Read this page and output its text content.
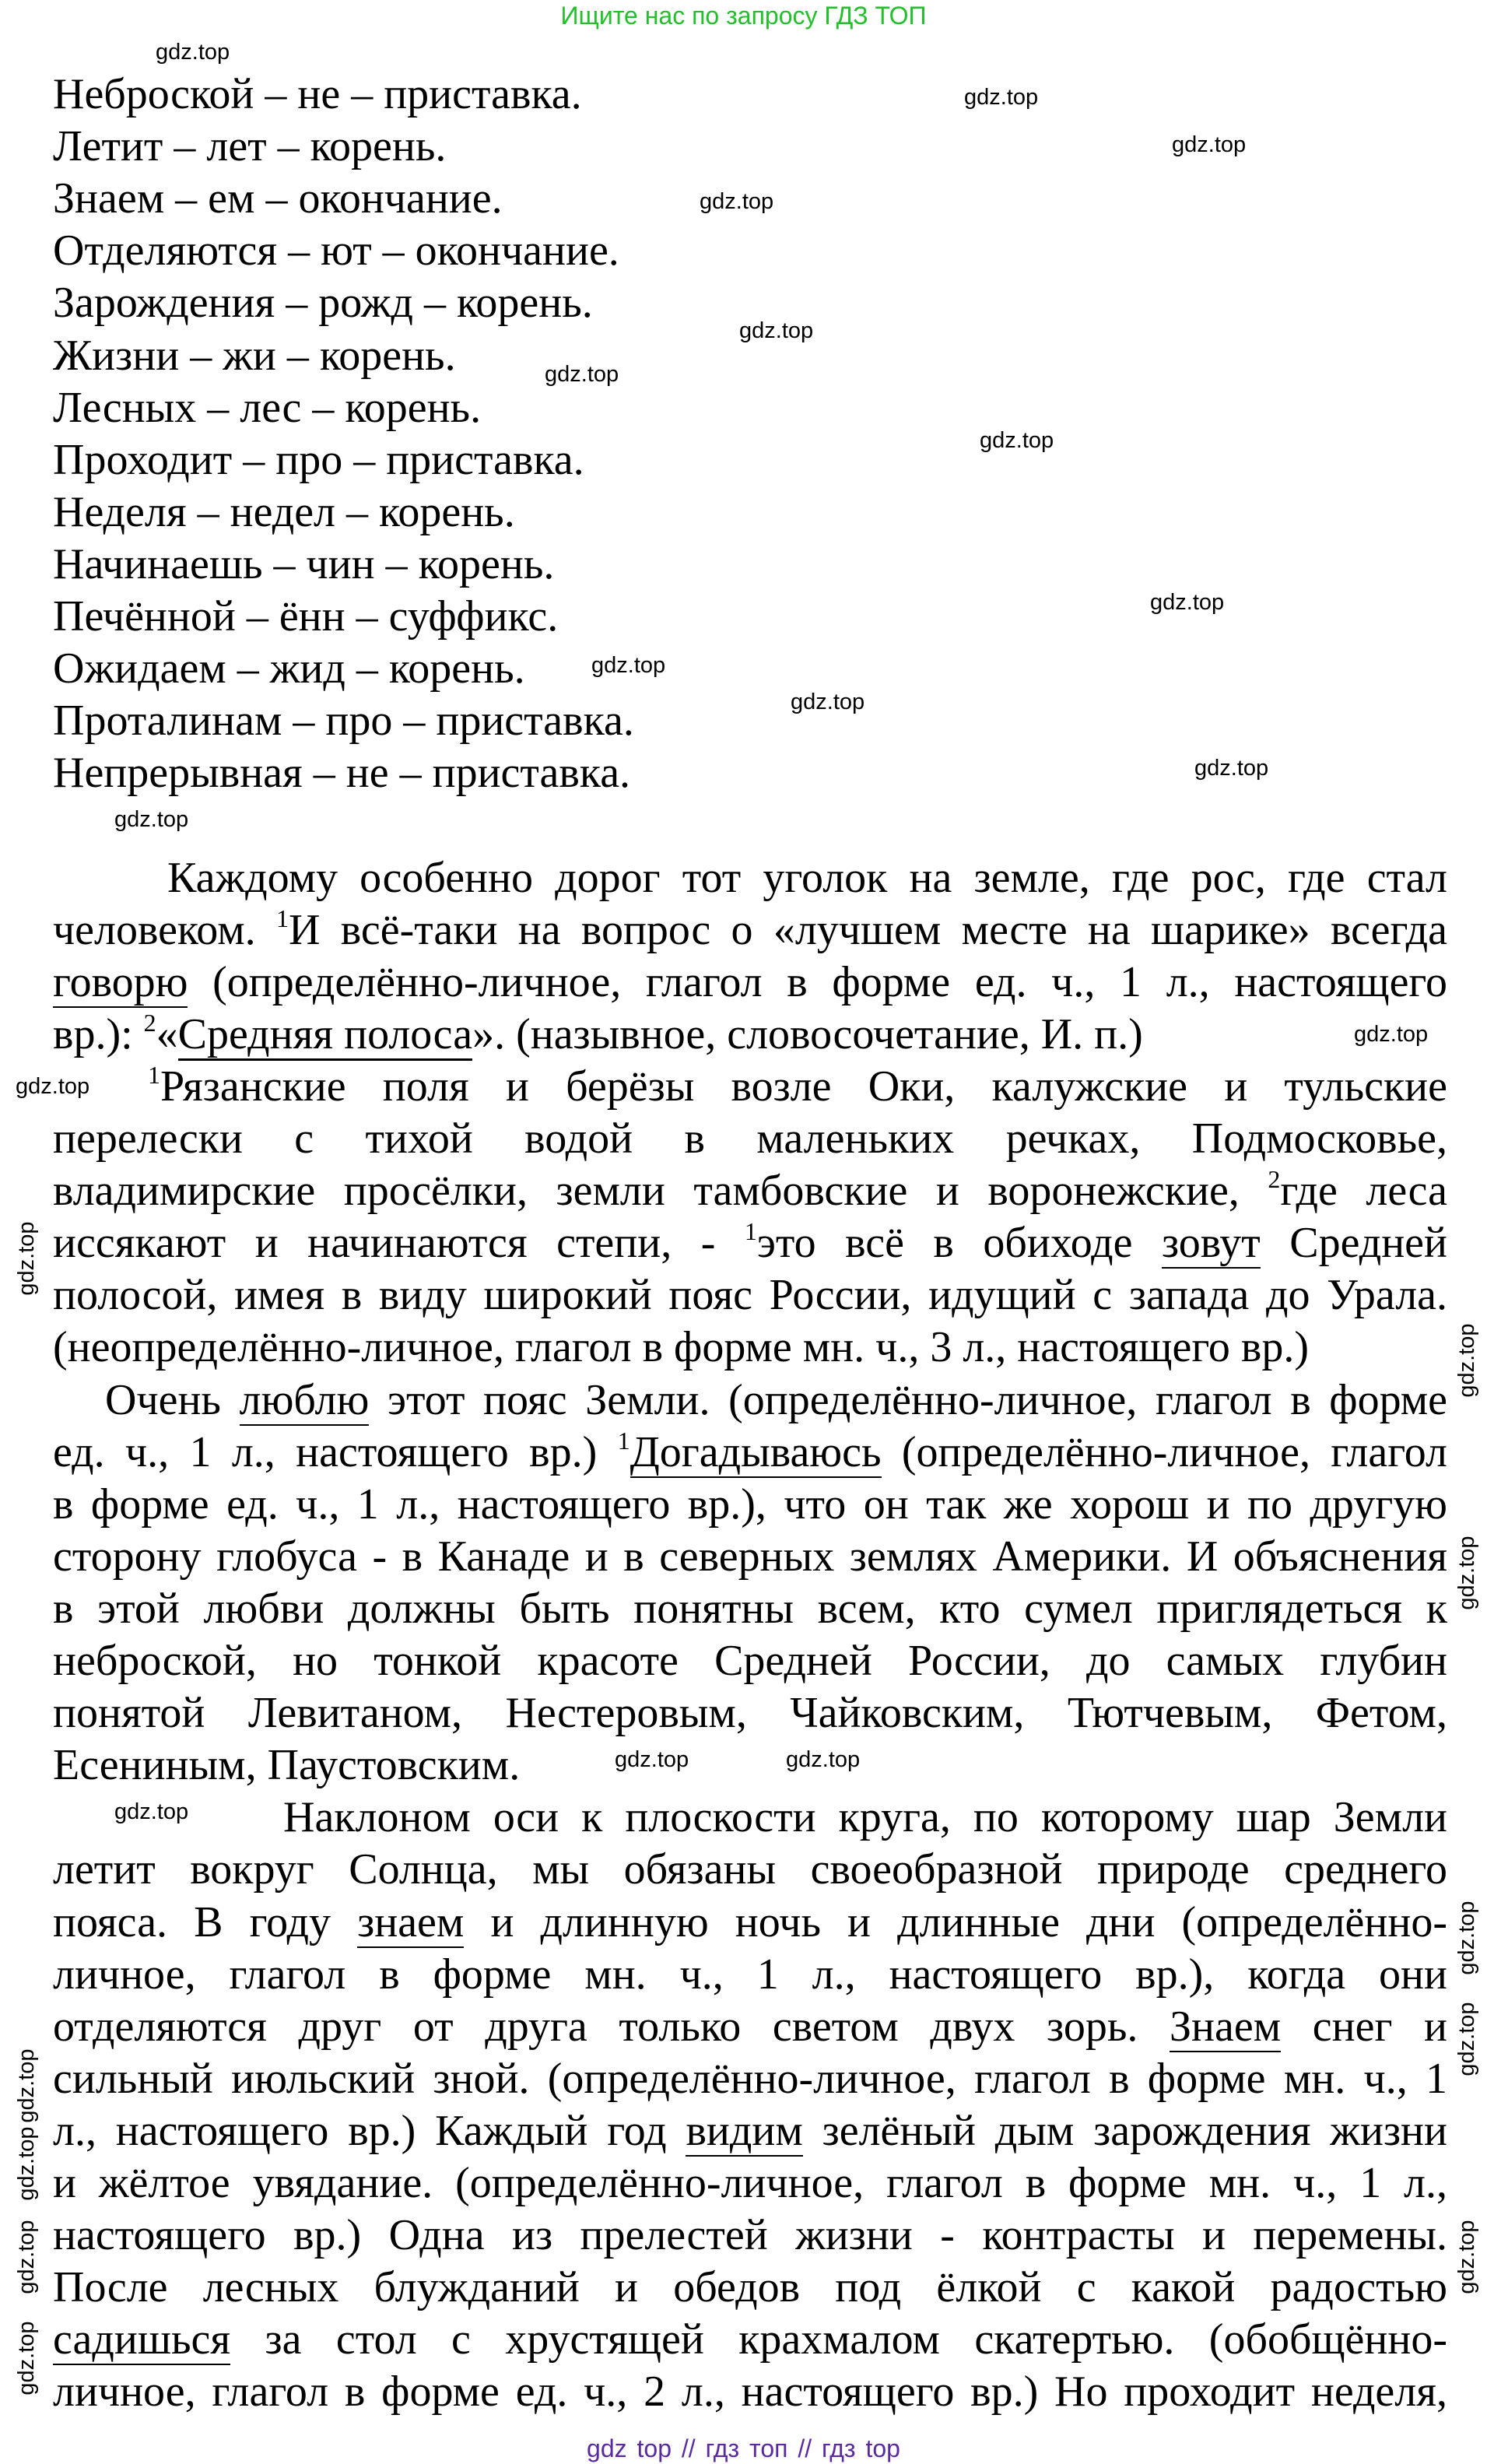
Ищите нас по запросу ГДЗ ТОП
Неброской – не – приставка.
Летит – лет – корень.
Знаем – ем – окончание.
Отделяются – ют – окончание.
Зарождения – рожд – корень.
Жизни – жи – корень.
Лесных – лес – корень.
Проходит – про – приставка.
Неделя – недел – корень.
Начинаешь – чин – корень.
Печённой – ённ – суффикс.
Ожидаем – жид – корень.
Проталинам – про – приставка.
Непрерывная – не – приставка.
Каждому особенно дорог тот уголок на земле, где рос, где стал
человеком. $^1$И всё-таки на вопрос о «лучшем месте на шарике» всегда
говорю (определённо-личное, глагол в форме ед. ч., 1 л., настоящего
вр.): $^2$«Средняя полоса». (назывное, словосочетание, И. п.)
$^1$Рязанские поля и берёзы возле Оки, калужские и тульские
перелески с тихой водой в маленьких речках, Подмосковье,
владимирские просёлки, земли тамбовские и воронежские, $^2$где леса
иссякают и начинаются степи, - $^1$это всё в обиходе зовут Средней
полосой, имея в виду широкий пояс России, идущий с запада до Урала.
(неопределённо-личное, глагол в форме мн. ч., 3 л., настоящего вр.)
Очень люблю этот пояс Земли. (определённо-личное, глагол в форме
ед. ч., 1 л., настоящего вр.) $^1$Догадываюсь (определённо-личное, глагол
в форме ед. ч., 1 л., настоящего вр.), что он так же хорош и по другую
сторону глобуса - в Канаде и в северных землях Америки. И объяснения
в этой любви должны быть понятны всем, кто сумел приглядеться к
неброской, но тонкой красоте Средней России, до самых глубин
понятой Левитаном, Нестеровым, Чайковским, Тютчевым, Фетом,
Есениным, Паустовским.
Наклоном оси к плоскости круга, по которому шар Земли
летит вокруг Солнца, мы обязаны своеобразной природе среднего
пояса. В году знаем и длинную ночь и длинные дни (определённо-
личное, глагол в форме мн. ч., 1 л., настоящего вр.), когда они
отделяются друг от друга только светом двух зорь. Знаем снег и
сильный июльский зной. (определённо-личное, глагол в форме мн. ч., 1
л., настоящего вр.) Каждый год видим зелёный дым зарождения жизни
и жёлтое увядание. (определённо-личное, глагол в форме мн. ч., 1 л.,
настоящего вр.) Одна из прелестей жизни - контрасты и перемены.
После лесных блужданий и обедов под ёлкой с какой радостью
садишься за стол с хрустящей крахмалом скатертью. (обобщённо-
личное, глагол в форме ед. ч., 2 л., настоящего вр.) Но проходит неделя,
gdz.top
gdz.top
gdz.top
gdz.top
gdz.top
gdz.top
gdz.top
gdz.top
gdz.top
gdz.top
gdz.top
gdz.top
gdz.top
gdz.top
gdz.top
gdz.top
gdz.top
gdz.top
gdz.top
gdz.top
gdz.top
gdz.top
gdz.top
gdz.top
gdz.top
gdz.top
gdz.top
gdz top // гдз топ // гдз top
